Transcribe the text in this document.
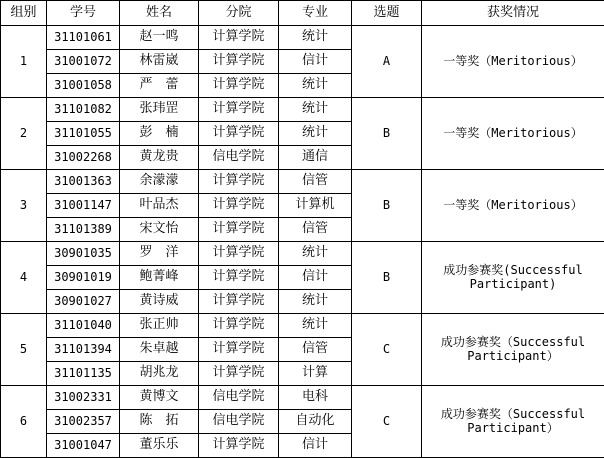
组别	学号	姓名	分院	专业	选题	获奖情况
1	31101061	赵一鸣	计算学院	统计	A	一等奖（Meritorious）

	31001072	林雷崴	计算学院	信计		
	31001058	严　蕾	计算学院	统计		
2	31101082	张玮罡	计算学院	统计	B	一等奖（Meritorious）

	31101055	彭　楠	计算学院	统计		
	31002268	黄龙贵	信电学院	通信		
3	31001363	余濛濛	计算学院	信管	B	一等奖（Meritorious）

	31001147	叶品杰	计算学院	计算机		
	31101389	宋文怡	计算学院	信管		
4	30901035	罗　洋	计算学院	统计	B	成功参赛奖(Successful
Participant)

	30901019	鲍菁峰	计算学院	信计		
	30901027	黄诗威	计算学院	统计		
5	31101040	张正帅	计算学院	统计	C	成功参赛奖（Successful
Participant）

	31101394	朱卓越	计算学院	信管		
	31101135	胡兆龙	计算学院	计算		
6	31002331	黄博文	信电学院	电科	C	成功参赛奖（Successful
Participant）

	31002357	陈　拓	信电学院	自动化		
	31001047	董乐乐	计算学院	信计		
